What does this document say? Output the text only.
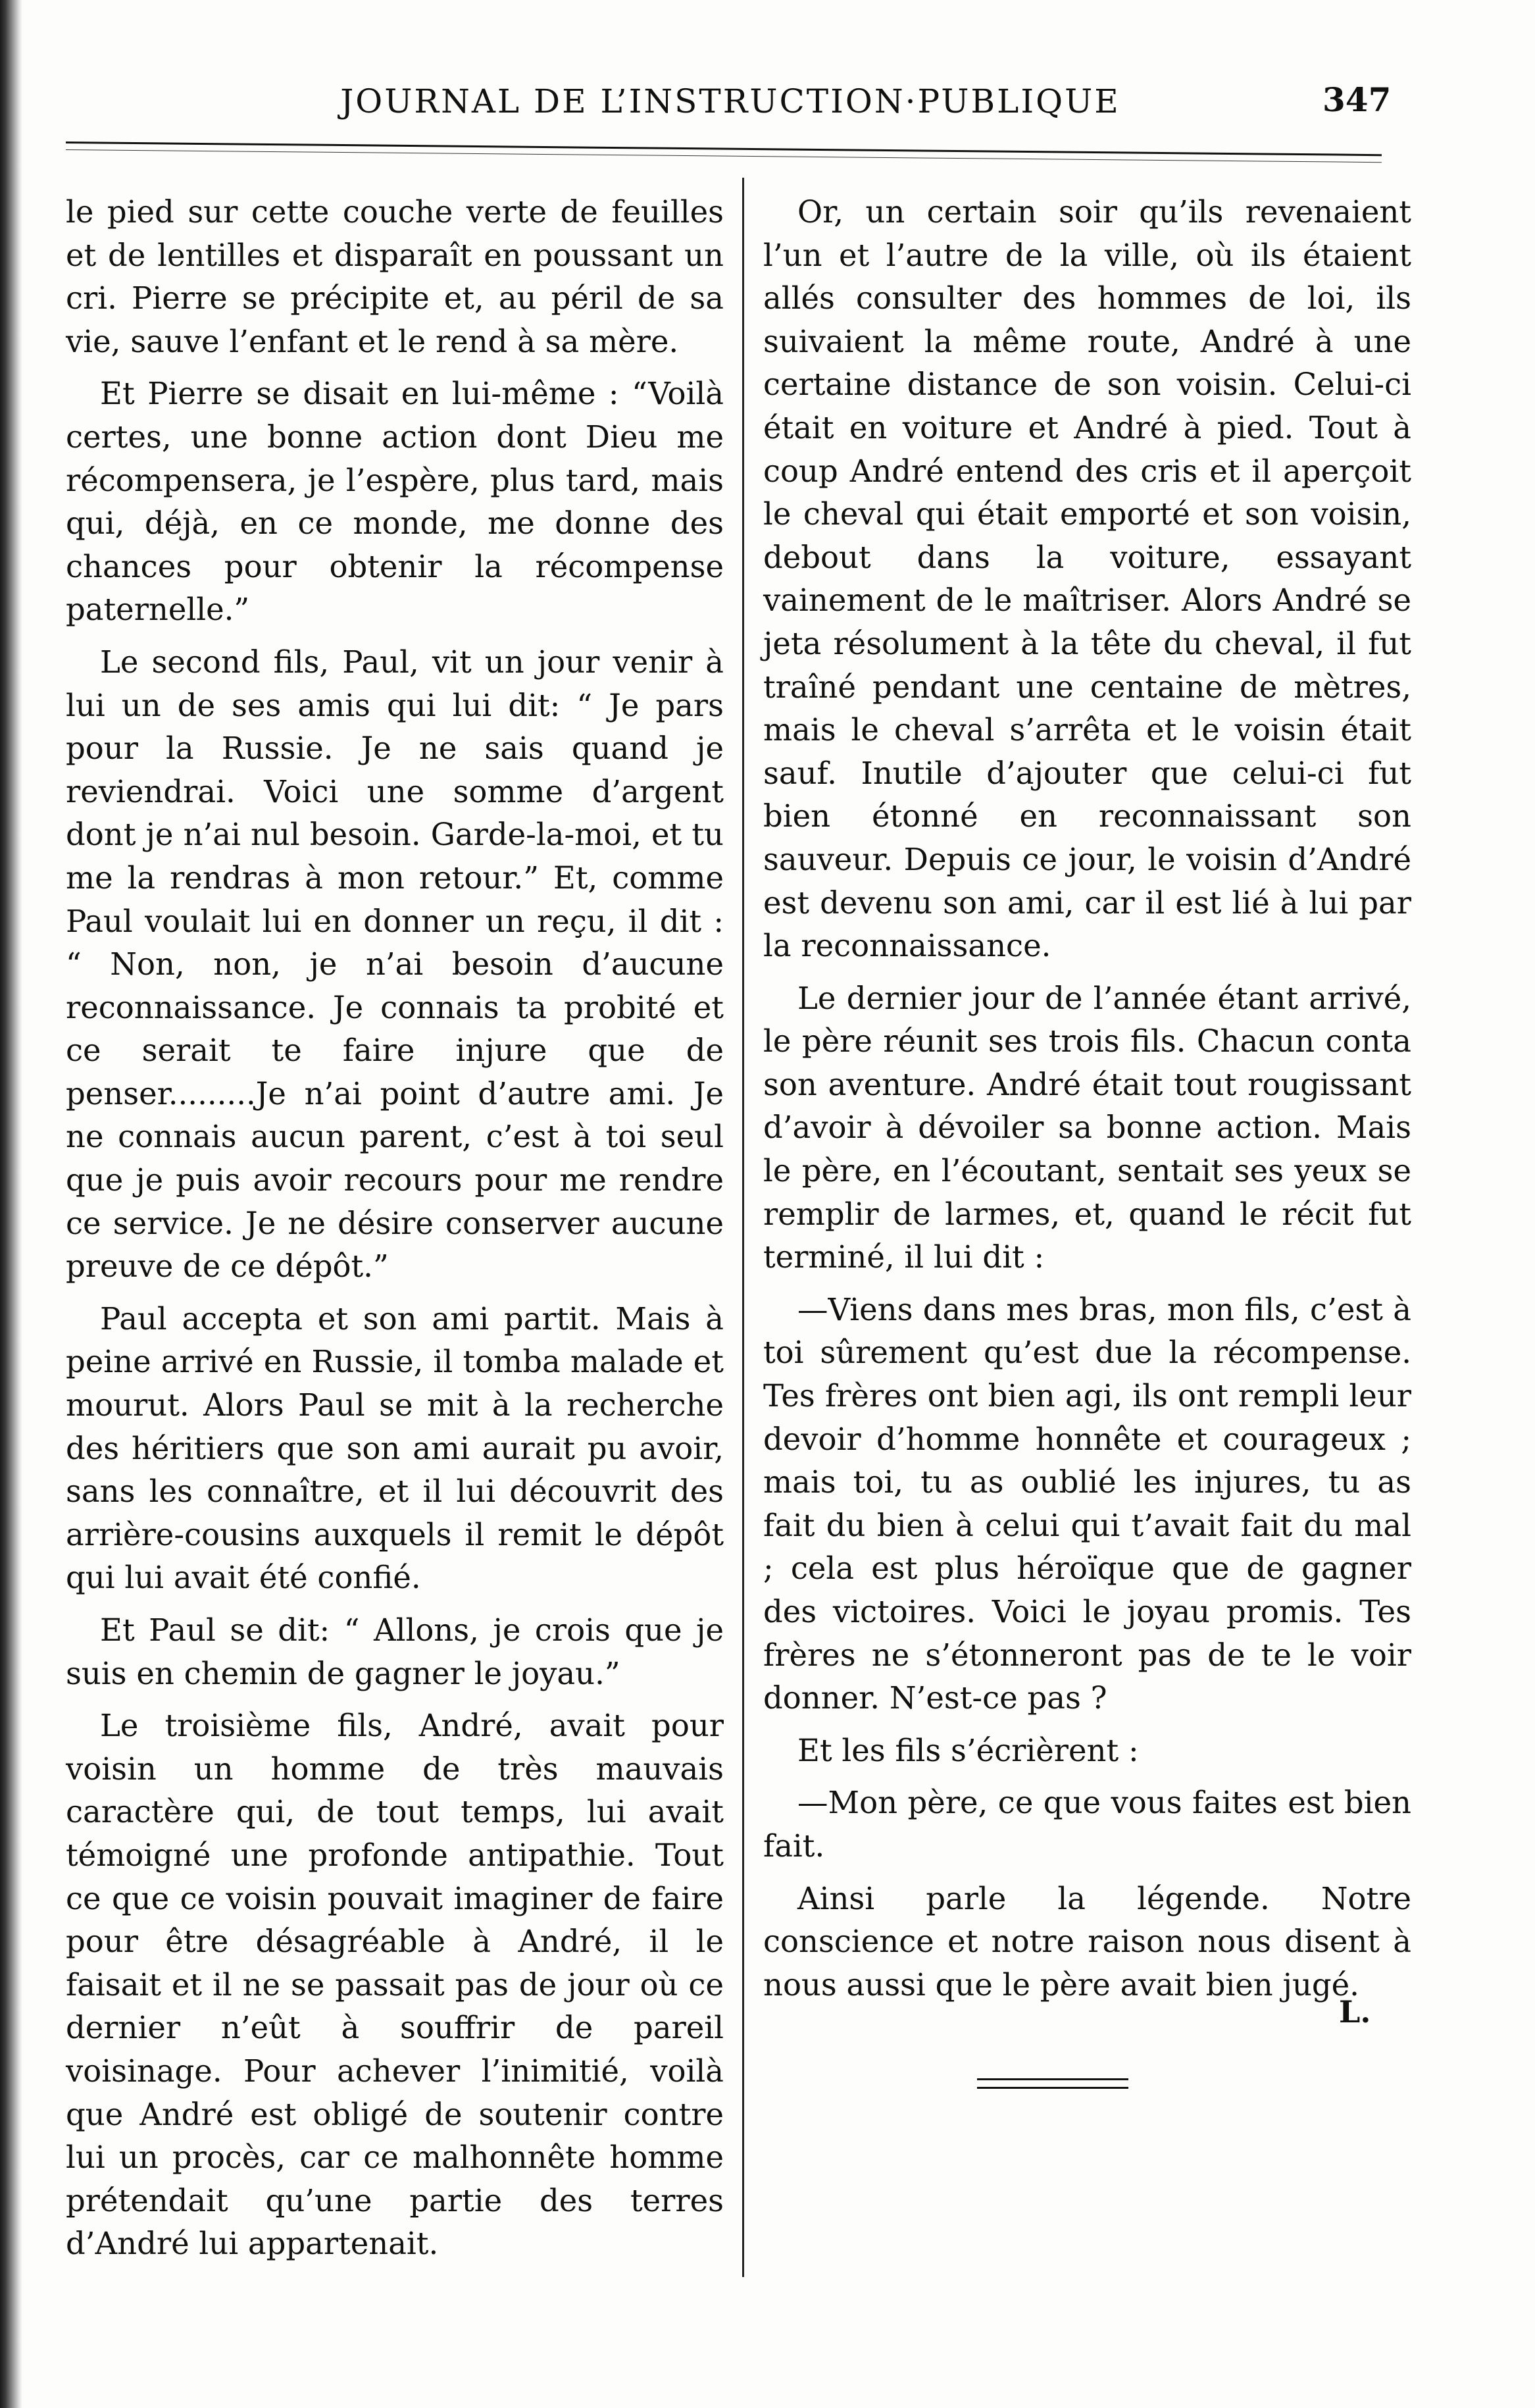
JOURNAL DE L’INSTRUCTION·PUBLIQUE	347

le pied sur cette couche verte de feuilles et de lentilles et disparaît en poussant un cri. Pierre se précipite et, au péril de sa vie, sauve l’enfant et le rend à sa mère.

Et Pierre se disait en lui-même : “Voilà certes, une bonne action dont Dieu me récompensera, je l’espère, plus tard, mais qui, déjà, en ce monde, me donne des chances pour obtenir la récompense paternelle.”

Le second fils, Paul, vit un jour venir à lui un de ses amis qui lui dit: “ Je pars pour la Russie. Je ne sais quand je reviendrai. Voici une somme d’argent dont je n’ai nul besoin. Garde-la-moi, et tu me la rendras à mon retour.” Et, comme Paul voulait lui en donner un reçu, il dit : “ Non, non, je n’ai besoin d’aucune reconnaissance. Je connais ta probité et ce serait te faire injure que de penser.........Je n’ai point d’autre ami. Je ne connais aucun parent, c’est à toi seul que je puis avoir recours pour me rendre ce service. Je ne désire conserver aucune preuve de ce dépôt.”

Paul accepta et son ami partit. Mais à peine arrivé en Russie, il tomba malade et mourut. Alors Paul se mit à la recherche des héritiers que son ami aurait pu avoir, sans les connaître, et il lui découvrit des arrière-cousins auxquels il remit le dépôt qui lui avait été confié.

Et Paul se dit: “ Allons, je crois que je suis en chemin de gagner le joyau.”

Le troisième fils, André, avait pour voisin un homme de très mauvais caractère qui, de tout temps, lui avait témoigné une profonde antipathie. Tout ce que ce voisin pouvait imaginer de faire pour être désagréable à André, il le faisait et il ne se passait pas de jour où ce dernier n’eût à souffrir de pareil voisinage. Pour achever l’inimitié, voilà que André est obligé de soutenir contre lui un procès, car ce malhonnête homme prétendait qu’une partie des terres d’André lui appartenait.

Or, un certain soir qu’ils revenaient l’un et l’autre de la ville, où ils étaient allés consulter des hommes de loi, ils suivaient la même route, André à une certaine distance de son voisin. Celui-ci était en voiture et André à pied. Tout à coup André entend des cris et il aperçoit le cheval qui était emporté et son voisin, debout dans la voiture, essayant vainement de le maîtriser. Alors André se jeta résolument à la tête du cheval, il fut traîné pendant une centaine de mètres, mais le cheval s’arrêta et le voisin était sauf. Inutile d’ajouter que celui-ci fut bien étonné en reconnaissant son sauveur. Depuis ce jour, le voisin d’André est devenu son ami, car il est lié à lui par la reconnaissance.

Le dernier jour de l’année étant arrivé, le père réunit ses trois fils. Chacun conta son aventure. André était tout rougissant d’avoir à dévoiler sa bonne action. Mais le père, en l’écoutant, sentait ses yeux se remplir de larmes, et, quand le récit fut terminé, il lui dit :

—Viens dans mes bras, mon fils, c’est à toi sûrement qu’est due la récompense. Tes frères ont bien agi, ils ont rempli leur devoir d’homme honnête et courageux ; mais toi, tu as oublié les injures, tu as fait du bien à celui qui t’avait fait du mal ; cela est plus héroïque que de gagner des victoires. Voici le joyau promis. Tes frères ne s’étonneront pas de te le voir donner. N’est-ce pas ?

Et les fils s’écrièrent :

—Mon père, ce que vous faites est bien fait.

Ainsi parle la légende. Notre conscience et notre raison nous disent à nous aussi que le père avait bien jugé.

L.
